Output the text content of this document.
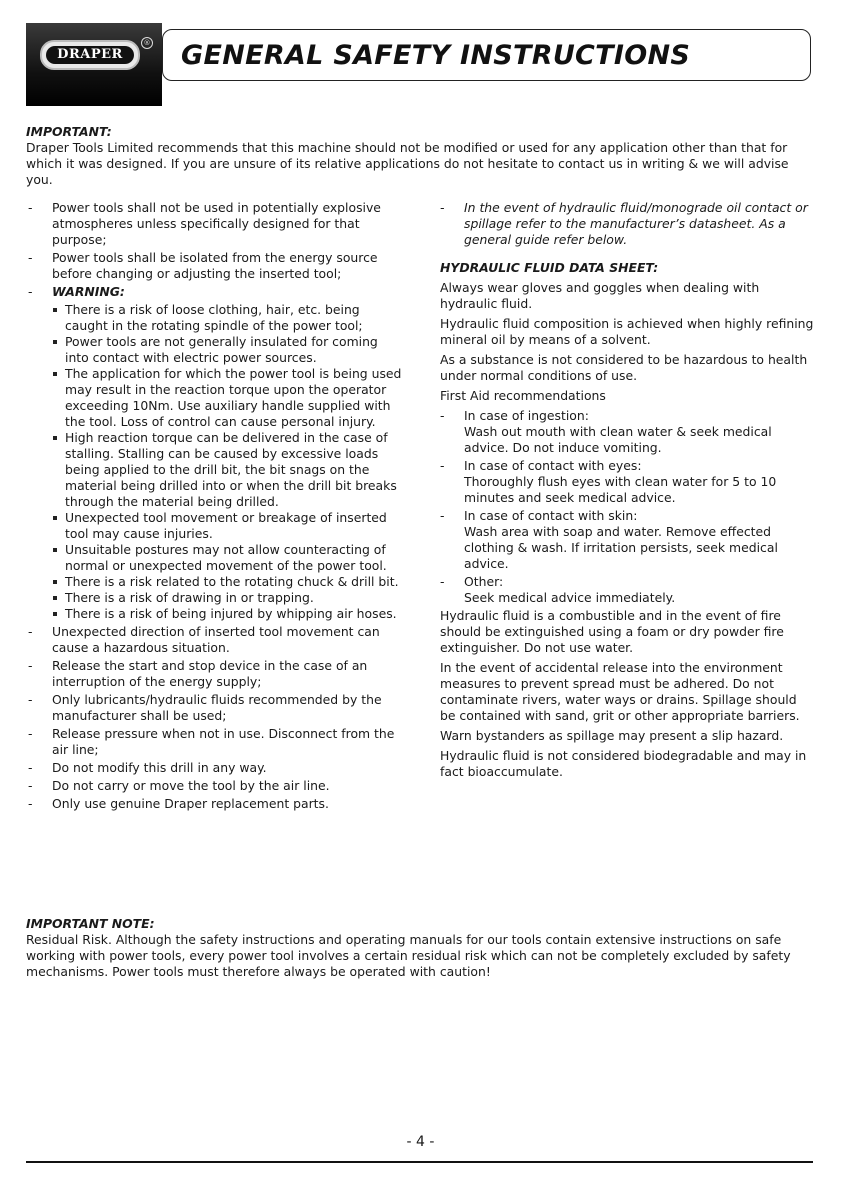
DRAPER
® GENERAL SAFETY INSTRUCTIONS
IMPORTANT:

Draper Tools Limited recommends that this machine should not be modified or used for any application other than that for which it was designed. If you are unsure of its relative applications do not hesitate to contact us in writing & we will advise you.

-	Power tools shall not be used in potentially explosive atmospheres unless specifically designed for that purpose;
-	Power tools shall be isolated from the energy source before changing or adjusting the inserted tool;
-	WARNING:
There is a risk of loose clothing, hair, etc. being caught in the rotating spindle of the power tool;
Power tools are not generally insulated for coming into contact with electric power sources.
The application for which the power tool is being used may result in the reaction torque upon the operator exceeding 10Nm. Use auxiliary handle supplied with the tool. Loss of control can cause personal injury.
High reaction torque can be delivered in the case of stalling. Stalling can be caused by excessive loads being applied to the drill bit, the bit snags on the material being drilled into or when the drill bit breaks through the material being drilled.
Unexpected tool movement or breakage of inserted tool may cause injuries.
Unsuitable postures may not allow counteracting of normal or unexpected movement of the power tool.
There is a risk related to the rotating chuck & drill bit.
There is a risk of drawing in or trapping.
There is a risk of being injured by whipping air hoses.
-	Unexpected direction of inserted tool movement can cause a hazardous situation.
-	Release the start and stop device in the case of an interruption of the energy supply;
-	Only lubricants/hydraulic fluids recommended by the manufacturer shall be used;
-	Release pressure when not in use. Disconnect from the air line;
-	Do not modify this drill in any way.
-	Do not carry or move the tool by the air line.
-	Only use genuine Draper replacement parts.
-	In the event of hydraulic fluid/monograde oil contact or spillage refer to the manufacturer’s datasheet. As a general guide refer below.
HYDRAULIC FLUID DATA SHEET:

Always wear gloves and goggles when dealing with hydraulic fluid.

Hydraulic fluid composition is achieved when highly refining mineral oil by means of a solvent.

As a substance is not considered to be hazardous to health under normal conditions of use.

First Aid recommendations

-	In case of ingestion:
Wash out mouth with clean water & seek medical advice. Do not induce vomiting.
-	In case of contact with eyes:
Thoroughly flush eyes with clean water for 5 to 10 minutes and seek medical advice.
-	In case of contact with skin:
Wash area with soap and water. Remove effected clothing & wash. If irritation persists, seek medical advice.
-	Other:
Seek medical advice immediately.

Hydraulic fluid is a combustible and in the event of fire should be extinguished using a foam or dry powder fire extinguisher. Do not use water.

In the event of accidental release into the environment measures to prevent spread must be adhered. Do not contaminate rivers, water ways or drains. Spillage should be contained with sand, grit or other appropriate barriers.

Warn bystanders as spillage may present a slip hazard.

Hydraulic fluid is not considered biodegradable and may in fact bioaccumulate.

IMPORTANT NOTE:

Residual Risk. Although the safety instructions and operating manuals for our tools contain extensive instructions on safe working with power tools, every power tool involves a certain residual risk which can not be completely excluded by safety mechanisms. Power tools must therefore always be operated with caution!

- 4 -
